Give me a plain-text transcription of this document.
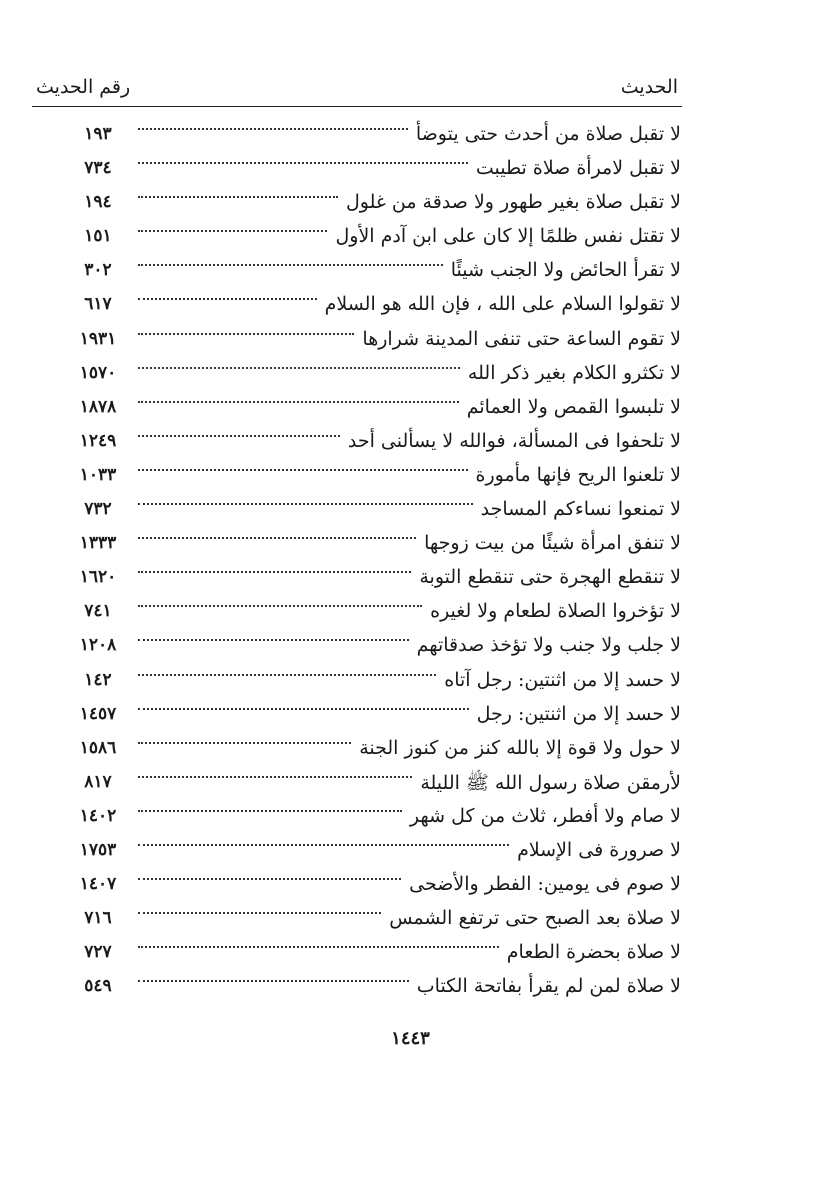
الحديث
رقم الحديث
١٩٣	لا تقبل صلاة من أحدث حتى يتوضأ
٧٣٤	لا تقبل لامرأة صلاة تطيبت
١٩٤	لا تقبل صلاة بغير طهور ولا صدقة من غلول
١٥١	لا تقتل نفس ظلمًا إلا كان على ابن آدم الأول
٣٠٢	لا تقرأ الحائض ولا الجنب شيئًا
٦١٧	لا تقولوا السلام على الله ، فإن الله هو السلام
١٩٣١	لا تقوم الساعة حتى تنفى المدينة شرارها
١٥٧٠	لا تكثرو الكلام بغير ذكر الله
١٨٧٨	لا تلبسوا القمص ولا العمائم
١٢٤٩	لا تلحفوا فى المسألة، فوالله لا يسألنى أحد
١٠٣٣	لا تلعنوا الريح فإنها مأمورة
٧٣٢	لا تمنعوا نساءكم المساجد
١٣٣٣	لا تنفق امرأة شيئًا من بيت زوجها
١٦٢٠	لا تنقطع الهجرة حتى تنقطع التوبة
٧٤١	لا تؤخروا الصلاة لطعام ولا لغيره
١٢٠٨	لا جلب ولا جنب ولا تؤخذ صدقاتهم
١٤٢	لا حسد إلا من اثنتين: رجل آتاه
١٤٥٧	لا حسد إلا من اثنتين: رجل
١٥٨٦	لا حول ولا قوة إلا بالله كنز من كنوز الجنة
٨١٧	لأرمقن صلاة رسول الله ﷺ الليلة
١٤٠٢	لا صام ولا أفطر، ثلاث من كل شهر
١٧٥٣	لا صرورة فى الإسلام
١٤٠٧	لا صوم فى يومين: الفطر والأضحى
٧١٦	لا صلاة بعد الصبح حتى ترتفع الشمس
٧٢٧	لا صلاة بحضرة الطعام
٥٤٩	لا صلاة لمن لم يقرأ بفاتحة الكتاب
١٤٤٣
